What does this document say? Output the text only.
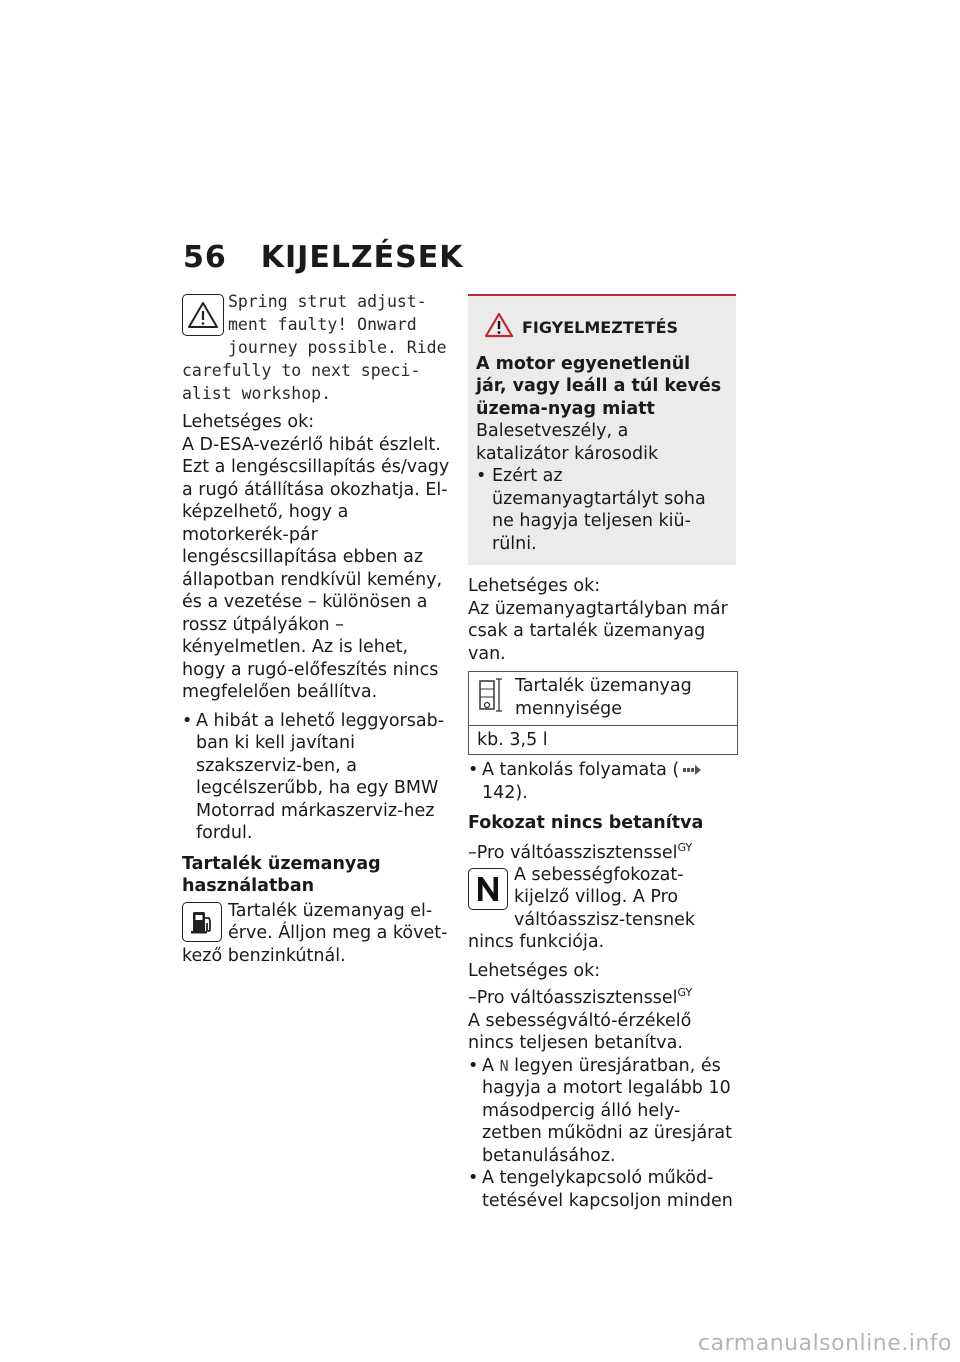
56 KIJELZÉSEK
Spring strut adjust-ment faulty! Onward journey possible. Ride carefully to next speci-alist workshop.
Lehetséges ok:
A D-ESA-vezérlő hibát észlelt. Ezt a lengéscsillapítás és/vagy a rugó átállítása okozhatja. El-képzelhető, hogy a motorkerék-pár lengéscsillapítása ebben az állapotban rendkívül kemény, és a vezetése – különösen a rossz útpályákon – kényelmetlen. Az is lehet, hogy a rugó-előfeszítés nincs megfelelően beállítva.
• A hibát a lehető leggyorsab-ban ki kell javítani szakszerviz-ben, a legcélszerűbb, ha egy BMW Motorrad márkaszerviz-hez fordul.
Tartalék üzemanyag használatban
Tartalék üzemanyag el-érve. Álljon meg a követ-kező benzinkútnál.
FIGYELMEZTETÉS
A motor egyenetlenül jár, vagy leáll a túl kevés üzema-nyag miatt
Balesetveszély, a katalizátor károsodik
• Ezért az üzemanyagtartályt soha ne hagyja teljesen kiü-rülni.
Lehetséges ok:
Az üzemanyagtartályban már csak a tartalék üzemanyag van.
Tartalék üzemanyag mennyisége

kb. 3,5 l
• A tankolás folyamata (142).
Fokozat nincs betanítva
–Pro váltóasszisztenssel$^{GY}$
A sebességfokozat-kijelző villog. A Pro váltóasszisz-tensnek nincs funkciója.
Lehetséges ok:
–Pro váltóasszisztenssel$^{GY}$
A sebességváltó-érzékelő nincs teljesen betanítva.
• A N legyen üresjáratban, és hagyja a motort legalább 10 másodpercig álló hely-zetben működni az üresjárat betanulásához.
• A tengelykapcsoló működ-tetésével kapcsoljon minden
carmanualsonline.info
